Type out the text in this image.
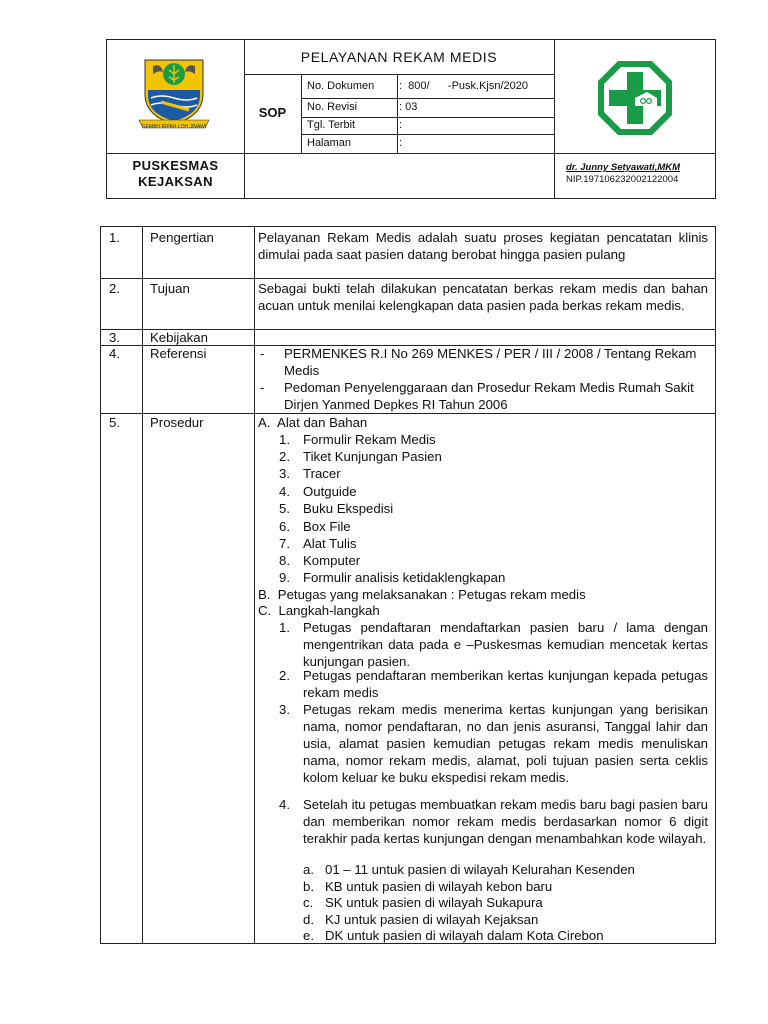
GEMAH RIPAH LOH JINAWI
PELAYANAN REKAM MEDIS
SOP
No. Dokumen :  800/      -Pusk.Kjsn/2020
No. Revisi	: 03
Tgl. Terbit	:
Halaman	:
PUSKESMAS
KEJAKSAN
dr. Junny Setyawati,MKM
NIP.197106232002122004
1. Pengertian	Pelayanan Rekam Medis adalah suatu proses kegiatan pencatatan klinis dimulai pada saat pasien datang berobat hingga pasien pulang
2. Tujuan	Sebagai bukti telah dilakukan pencatatan berkas rekam medis dan bahan acuan untuk menilai kelengkapan data pasien pada berkas rekam medis.
3. Kebijakan
4. Referensi	- PERMENKES R.I No 269 MENKES / PER / III / 2008 / Tentang Rekam Medis
- Pedoman Penyelenggaraan dan Prosedur Rekam Medis Rumah Sakit Dirjen Yanmed Depkes RI Tahun 2006
5. Prosedur	A.  Alat dan Bahan
1. Formulir Rekam Medis
2. Tiket Kunjungan Pasien
3. Tracer
4. Outguide
5. Buku Ekspedisi
6. Box File
7. Alat Tulis
8. Komputer
9. Formulir analisis ketidaklengkapan
B.  Petugas yang melaksanakan : Petugas rekam medis
C.  Langkah-langkah
1. Petugas pendaftaran mendaftarkan pasien baru / lama dengan mengentrikan data pada e –Puskesmas kemudian mencetak kertas kunjungan pasien.
2. Petugas pendaftaran memberikan kertas kunjungan kepada petugas rekam medis
3. Petugas rekam medis menerima kertas kunjungan yang berisikan nama, nomor pendaftaran, no dan jenis asuransi, Tanggal lahir dan usia, alamat pasien kemudian petugas rekam medis menuliskan nama, nomor rekam medis, alamat, poli tujuan pasien serta ceklis kolom keluar ke buku ekspedisi rekam medis.
4. Setelah itu petugas membuatkan rekam medis baru bagi pasien baru dan memberikan nomor rekam medis berdasarkan nomor 6 digit terakhir pada kertas kunjungan dengan menambahkan kode wilayah.
a. 01 – 11 untuk pasien di wilayah Kelurahan Kesenden
b. KB untuk pasien di wilayah kebon baru
c. SK untuk pasien di wilayah Sukapura
d. KJ untuk pasien di wilayah Kejaksan
e. DK untuk pasien di wilayah dalam Kota Cirebon
